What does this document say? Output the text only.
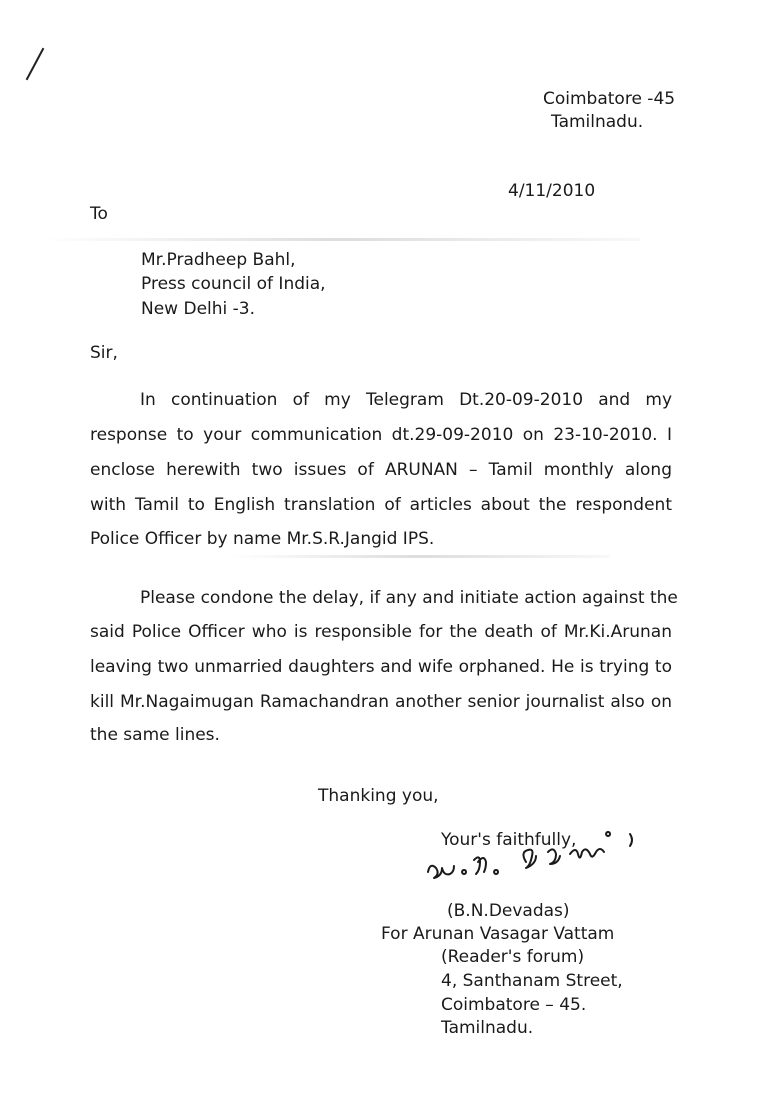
Coimbatore -45
Tamilnadu.
4/11/2010
To
Mr.Pradheep Bahl,
Press council of India,
New Delhi -3.
Sir,
In continuation of my Telegram Dt.20-09-2010 and my
response to your communication dt.29-09-2010 on 23-10-2010. I
enclose herewith two issues of ARUNAN – Tamil monthly along
with Tamil to English translation of articles about the respondent
Police Officer by name Mr.S.R.Jangid IPS.
Please condone the delay, if any and initiate action against the
said Police Officer who is responsible for the death of Mr.Ki.Arunan
leaving two unmarried daughters and wife orphaned. He is trying to
kill Mr.Nagaimugan Ramachandran another senior journalist also on
the same lines.
Thanking you,
Your's faithfully,
(B.N.Devadas)
For Arunan Vasagar Vattam
(Reader's forum)
4, Santhanam Street,
Coimbatore – 45.
Tamilnadu.
